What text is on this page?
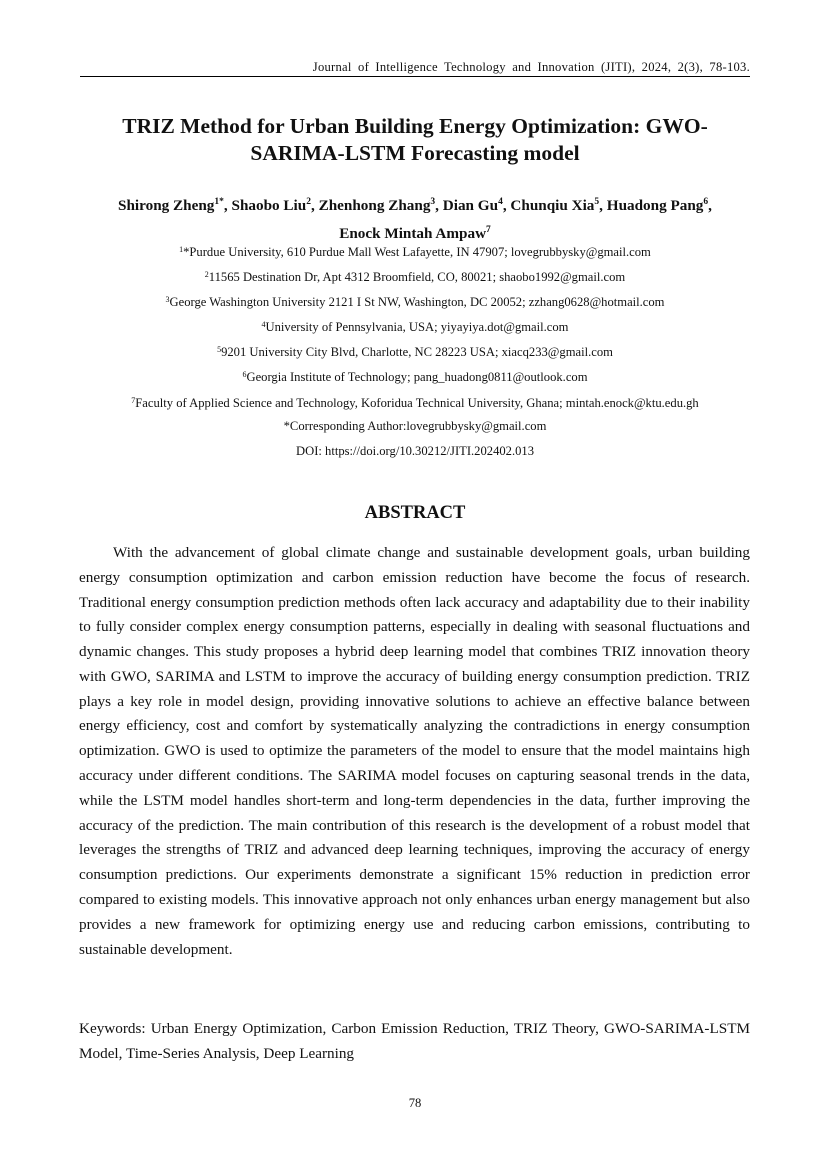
Journal of Intelligence Technology and Innovation (JITI), 2024, 2(3), 78-103.
TRIZ Method for Urban Building Energy Optimization: GWO-
SARIMA-LSTM Forecasting model
Shirong Zheng$^{1*}$, Shaobo Liu$^2$, Zhenhong Zhang$^3$, Dian Gu$^4$, Chunqiu Xia$^5$, Huadong Pang$^6$,
Enock Mintah Ampaw$^7$
$^1$*Purdue University, 610 Purdue Mall West Lafayette, IN 47907; lovegrubbysky@gmail.com
$^2$11565 Destination Dr, Apt 4312 Broomfield, CO, 80021; shaobo1992@gmail.com
$^3$George Washington University 2121 I St NW, Washington, DC 20052; zzhang0628@hotmail.com
$^4$University of Pennsylvania, USA; yiyayiya.dot@gmail.com
$^5$9201 University City Blvd, Charlotte, NC 28223 USA; xiacq233@gmail.com
$^6$Georgia Institute of Technology; pang_huadong0811@outlook.com
$^7$Faculty of Applied Science and Technology, Koforidua Technical University, Ghana; mintah.enock@ktu.edu.gh
*Corresponding Author:lovegrubbysky@gmail.com
DOI: https://doi.org/10.30212/JITI.202402.013
ABSTRACT
With the advancement of global climate change and sustainable development goals, urban building energy consumption optimization and carbon emission reduction have become the focus of research. Traditional energy consumption prediction methods often lack accuracy and adaptability due to their inability to fully consider complex energy consumption patterns, especially in dealing with seasonal fluctuations and dynamic changes. This study proposes a hybrid deep learning model that combines TRIZ innovation theory with GWO, SARIMA and LSTM to improve the accuracy of building energy consumption prediction. TRIZ plays a key role in model design, providing innovative solutions to achieve an effective balance between energy efficiency, cost and comfort by systematically analyzing the contradictions in energy consumption optimization. GWO is used to optimize the parameters of the model to ensure that the model maintains high accuracy under different conditions. The SARIMA model focuses on capturing seasonal trends in the data, while the LSTM model handles short-term and long-term dependencies in the data, further improving the accuracy of the prediction. The main contribution of this research is the development of a robust model that leverages the strengths of TRIZ and advanced deep learning techniques, improving the accuracy of energy consumption predictions. Our experiments demonstrate a significant 15% reduction in prediction error compared to existing models. This innovative approach not only enhances urban energy management but also provides a new framework for optimizing energy use and reducing carbon emissions, contributing to sustainable development.
Keywords: Urban Energy Optimization, Carbon Emission Reduction, TRIZ Theory, GWO-SARIMA-LSTM Model, Time-Series Analysis, Deep Learning
78
